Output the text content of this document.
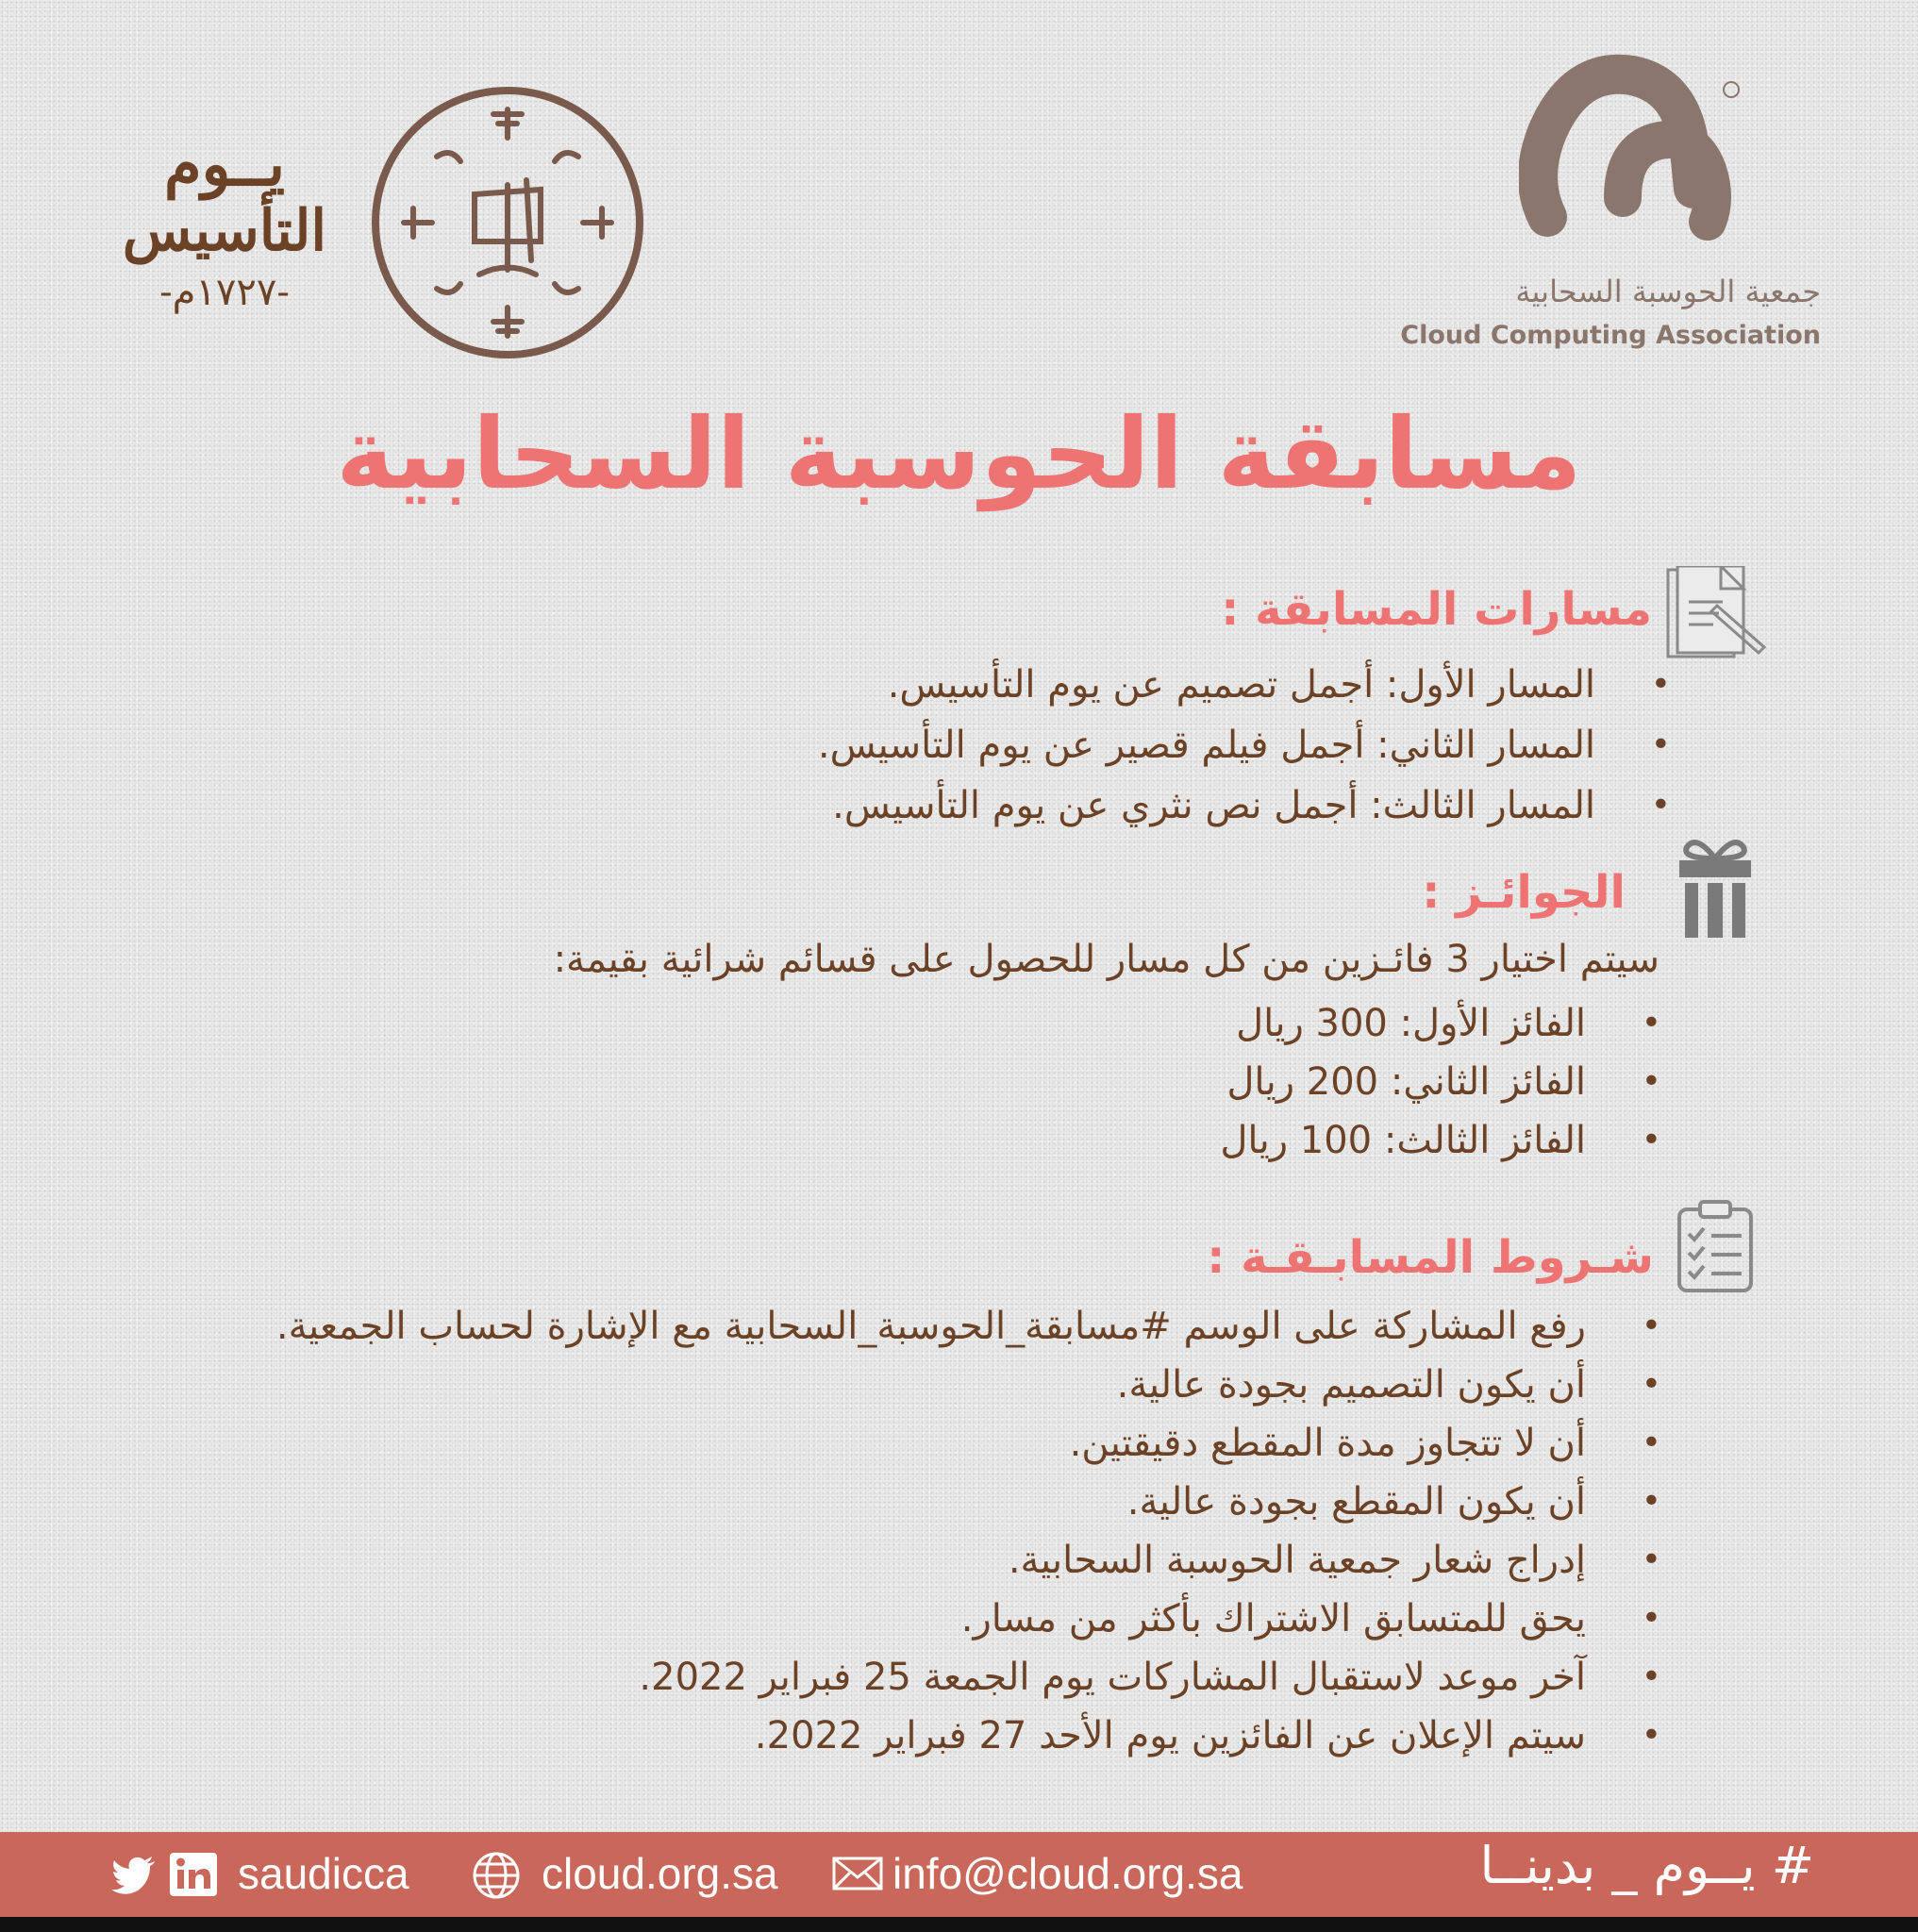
جمعية الحوسبة السحابية
Cloud Computing Association
يــوم
التأسيس
-١٧٢٧م-
مسابقة الحوسبة السحابية
مسارات المسابقة :
• المسار الأول: أجمل تصميم عن يوم التأسيس.
• المسار الثاني: أجمل فيلم قصير عن يوم التأسيس.
• المسار الثالث: أجمل نص نثري عن يوم التأسيس.
الجوائـز :
سيتم اختيار 3 فائـزين من كل مسار للحصول على قسائم شرائية بقيمة:
• الفائز الأول: 300 ريال
• الفائز الثاني: 200 ريال
• الفائز الثالث: 100 ريال
شـروط المسابـقـة :
• رفع المشاركة على الوسم #مسابقة_الحوسبة_السحابية مع الإشارة لحساب الجمعية.
• أن يكون التصميم بجودة عالية.
• أن لا تتجاوز مدة المقطع دقيقتين.
• أن يكون المقطع بجودة عالية.
• إدراج شعار جمعية الحوسبة السحابية.
• يحق للمتسابق الاشتراك بأكثر من مسار.
• آخر موعد لاستقبال المشاركات يوم الجمعة 25 فبراير 2022.
• سيتم الإعلان عن الفائزين يوم الأحد 27 فبراير 2022.
saudicca	cloud.org.sa	info@cloud.org.sa	# يــوم _ بدينــا
